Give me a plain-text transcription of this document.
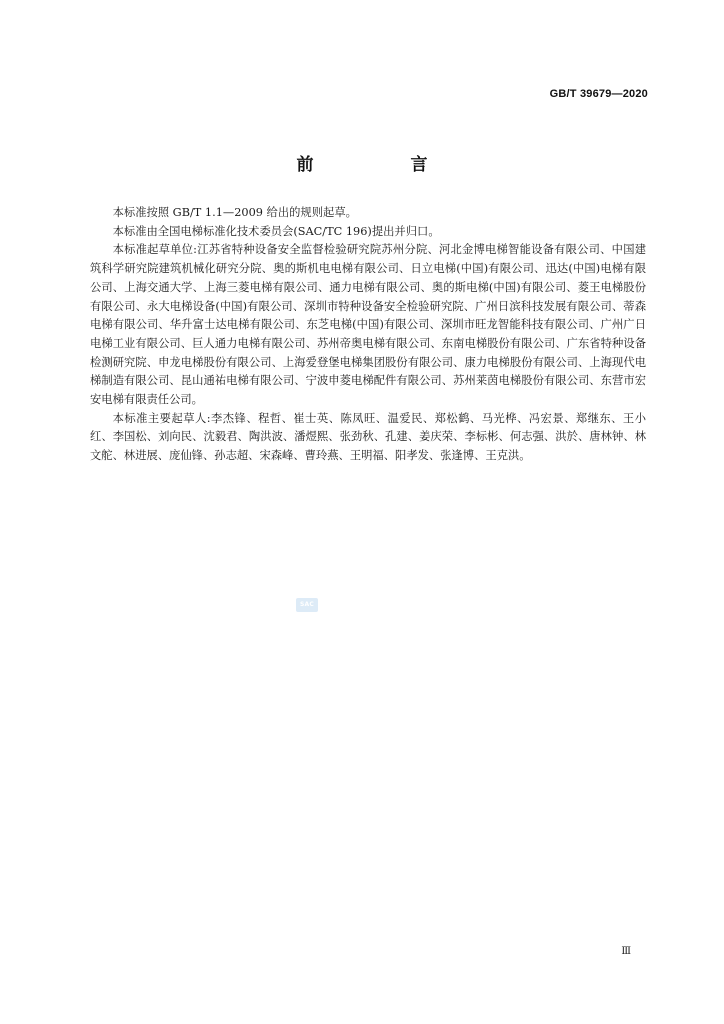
GB/T 39679—2020
前　言

本标准按照 GB/T 1.1—2009 给出的规则起草。

本标准由全国电梯标准化技术委员会(SAC/TC 196)提出并归口。

本标准起草单位:江苏省特种设备安全监督检验研究院苏州分院、河北金博电梯智能设备有限公司、中国建筑科学研究院建筑机械化研究分院、奥的斯机电电梯有限公司、日立电梯(中国)有限公司、迅达(中国)电梯有限公司、上海交通大学、上海三菱电梯有限公司、通力电梯有限公司、奥的斯电梯(中国)有限公司、菱王电梯股份有限公司、永大电梯设备(中国)有限公司、深圳市特种设备安全检验研究院、广州日滨科技发展有限公司、蒂森电梯有限公司、华升富士达电梯有限公司、东芝电梯(中国)有限公司、深圳市旺龙智能科技有限公司、广州广日电梯工业有限公司、巨人通力电梯有限公司、苏州帝奥电梯有限公司、东南电梯股份有限公司、广东省特种设备检测研究院、申龙电梯股份有限公司、上海爱登堡电梯集团股份有限公司、康力电梯股份有限公司、上海现代电梯制造有限公司、昆山通祐电梯有限公司、宁波申菱电梯配件有限公司、苏州莱茵电梯股份有限公司、东营市宏安电梯有限责任公司。

本标准主要起草人:李杰锋、程哲、崔士英、陈凤旺、温爱民、郑松鹤、马光桦、冯宏景、郑继东、王小红、李国松、刘向民、沈毅君、陶洪波、潘煜熙、张劲秋、孔建、姜庆荣、李标彬、何志强、洪於、唐林钟、林文舵、林进展、庞仙锋、孙志超、宋森峰、曹玲燕、王明福、阳孝发、张逢博、王克洪。

SAC
Ⅲ
